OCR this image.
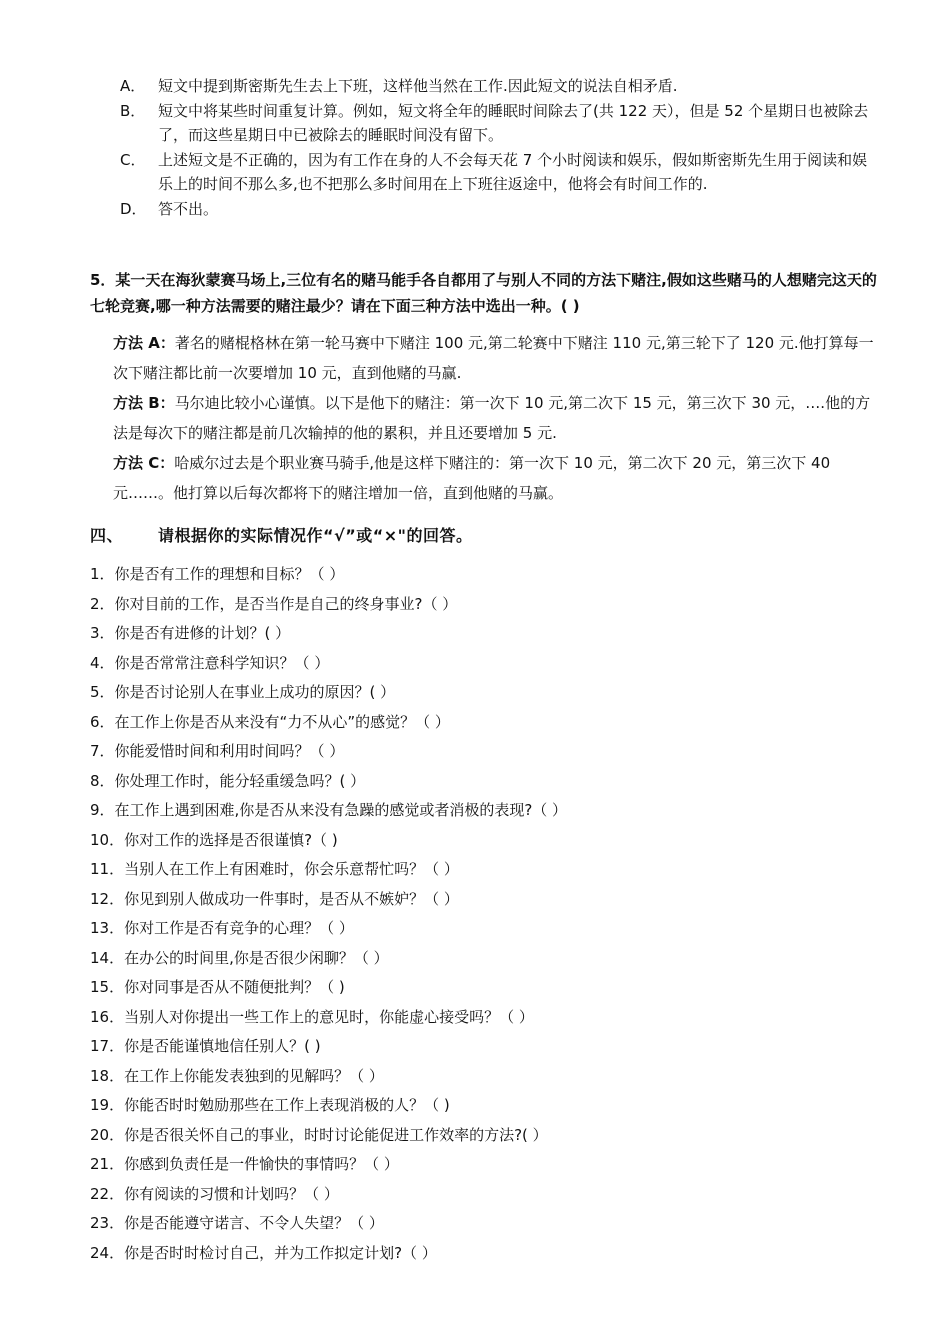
A． 短文中提到斯密斯先生去上下班，这样他当然在工作.因此短文的说法自相矛盾.
B． 短文中将某些时间重复计算。例如，短文将全年的睡眠时间除去了(共 122 天），但是 52 个星期日也被除去了，而这些星期日中已被除去的睡眠时间没有留下。
C． 上述短文是不正确的，因为有工作在身的人不会每天花 7 个小时阅读和娱乐，假如斯密斯先生用于阅读和娱乐上的时间不那么多,也不把那么多时间用在上下班往返途中，他将会有时间工作的.
D． 答不出。
5．某一天在海狄蒙赛马场上,三位有名的赌马能手各自都用了与别人不同的方法下赌注,假如这些赌马的人想赌完这天的七轮竞赛,哪一种方法需要的赌注最少？请在下面三种方法中选出一种。( )

方法 A：著名的赌棍格林在第一轮马赛中下赌注 100 元,第二轮赛中下赌注 110 元,第三轮下了 120 元.他打算每一次下赌注都比前一次要增加 10 元，直到他赌的马赢.

方法 B：马尔迪比较小心谨慎。以下是他下的赌注：第一次下 10 元,第二次下 15 元，第三次下 30 元，….他的方法是每次下的赌注都是前几次输掉的他的累积，并且还要增加 5 元.

方法 C：哈威尔过去是个职业赛马骑手,他是这样下赌注的：第一次下 10 元，第二次下 20 元，第三次下 40 元……。他打算以后每次都将下的赌注增加一倍，直到他赌的马赢。

四、 请根据你的实际情况作“√”或“×"的回答。
1．你是否有工作的理想和目标？（ ）
2．你对目前的工作，是否当作是自己的终身事业?（ ）
3．你是否有进修的计划？( ）
4．你是否常常注意科学知识？（ ）
5．你是否讨论别人在事业上成功的原因？( ）
6．在工作上你是否从来没有“力不从心”的感觉？（ ）
7．你能爱惜时间和利用时间吗？（ ）
8．你处理工作时，能分轻重缓急吗？( ）
9．在工作上遇到困难,你是否从来没有急躁的感觉或者消极的表现?（ ）
10．你对工作的选择是否很谨慎?（ )
11．当别人在工作上有困难时，你会乐意帮忙吗？（ ）
12．你见到别人做成功一件事时，是否从不嫉妒？（ ）
13．你对工作是否有竞争的心理？（ ）
14．在办公的时间里,你是否很少闲聊？（ ）
15．你对同事是否从不随便批判？（ )
16．当别人对你提出一些工作上的意见时，你能虚心接受吗？（ ）
17．你是否能谨慎地信任别人？( )
18．在工作上你能发表独到的见解吗？（ ）
19．你能否时时勉励那些在工作上表现消极的人？（ )
20．你是否很关怀自己的事业，时时讨论能促进工作效率的方法?( ）
21．你感到负责任是一件愉快的事情吗？（ ）
22．你有阅读的习惯和计划吗？（ ）
23．你是否能遵守诺言、不令人失望？（ ）
24．你是否时时检讨自己，并为工作拟定计划?（ ）
